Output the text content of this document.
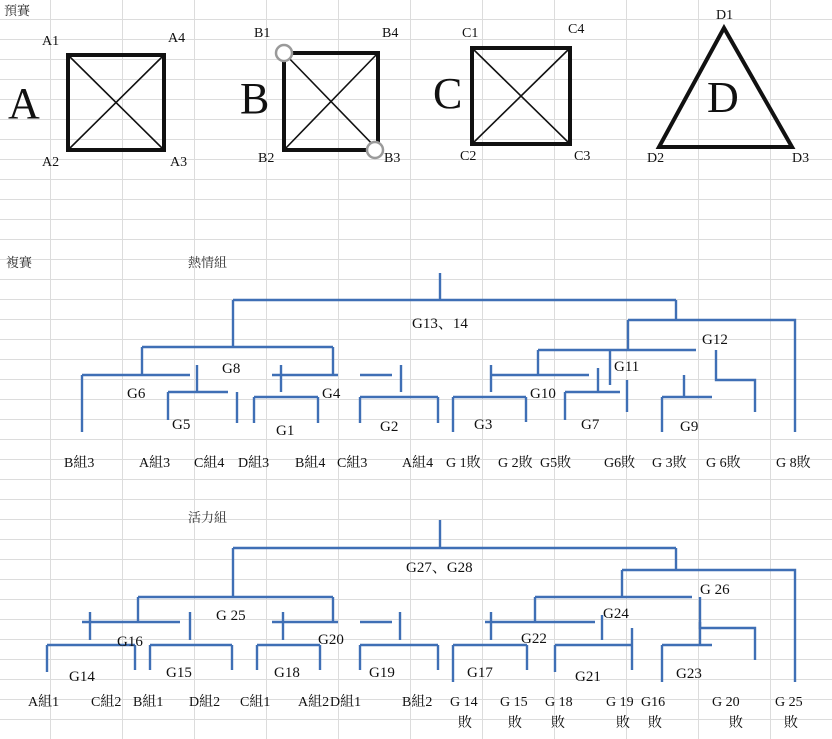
預賽
複賽	熱情組
活力組
A
A1	A4
A2	A3
B
B1	B4
B2	B3
C
C1	C4
C2	C3
D
D1
D2	D3
G13、14
G12
G11
G8
G6	G4	G10
G5	G1	G2	G3	G7	G9
B組3	A組3 C組4 D組3 B組4 C組3 A組4 G 1敗 G 2敗 G5敗 G6敗 G 3敗 G 6敗	G 8敗
G27、G28
G 26
G 25	G24
G16	G20	G22
G14	G15	G18	G19	G17	G21	G23
A組1 C組2 B組1 D組2 C組1 A組2 D組1	B組2 G 14
敗
G 15
敗
G 18
敗
G 19
敗
G16
敗
G 20
敗
G 25
敗
